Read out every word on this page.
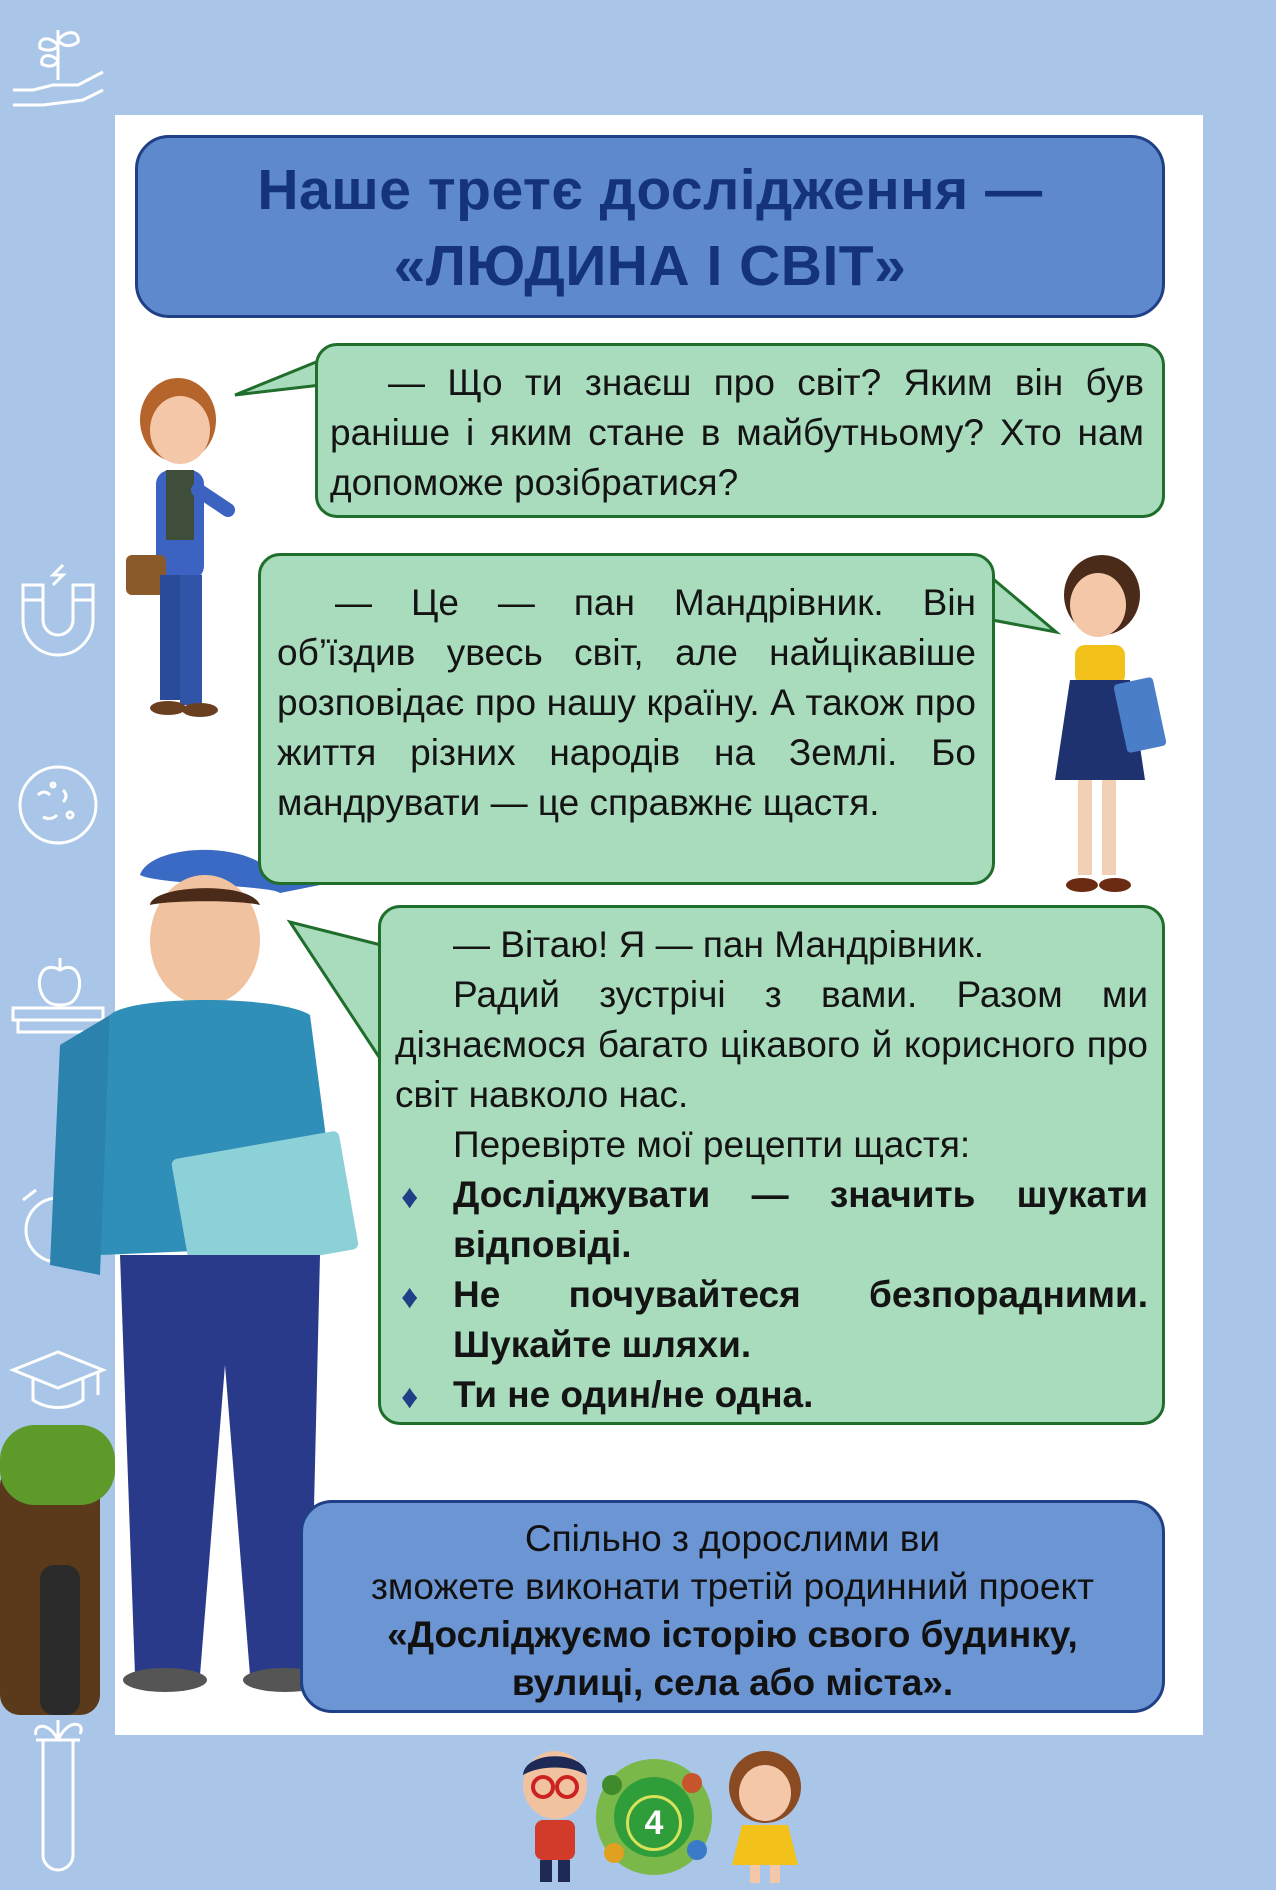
Наше третє дослідження —
«ЛЮДИНА І СВІТ»

— Що ти знаєш про світ? Яким він був раніше і яким стане в майбутньому? Хто нам допоможе розібратися?

— Це — пан Мандрівник. Він об’їздив увесь світ, але найцікавіше розповідає про нашу країну. А також про життя різних народів на Землі. Бо мандрувати — це справжнє щастя.

— Вітаю! Я — пан Мандрівник.

Радий зустрічі з вами. Разом ми дізнаємося багато цікавого й корисного про світ навколо нас.

Перевірте мої рецепти щастя:

♦ Досліджувати — значить шукати відповіді.
♦ Не почувайтеся безпорадними. Шукайте шляхи.
♦ Ти не один/не одна.
Спільно з дорослими ви
зможете виконати третій родинний проект
«Досліджуємо історію свого будинку,
вулиці, села або міста».
4
